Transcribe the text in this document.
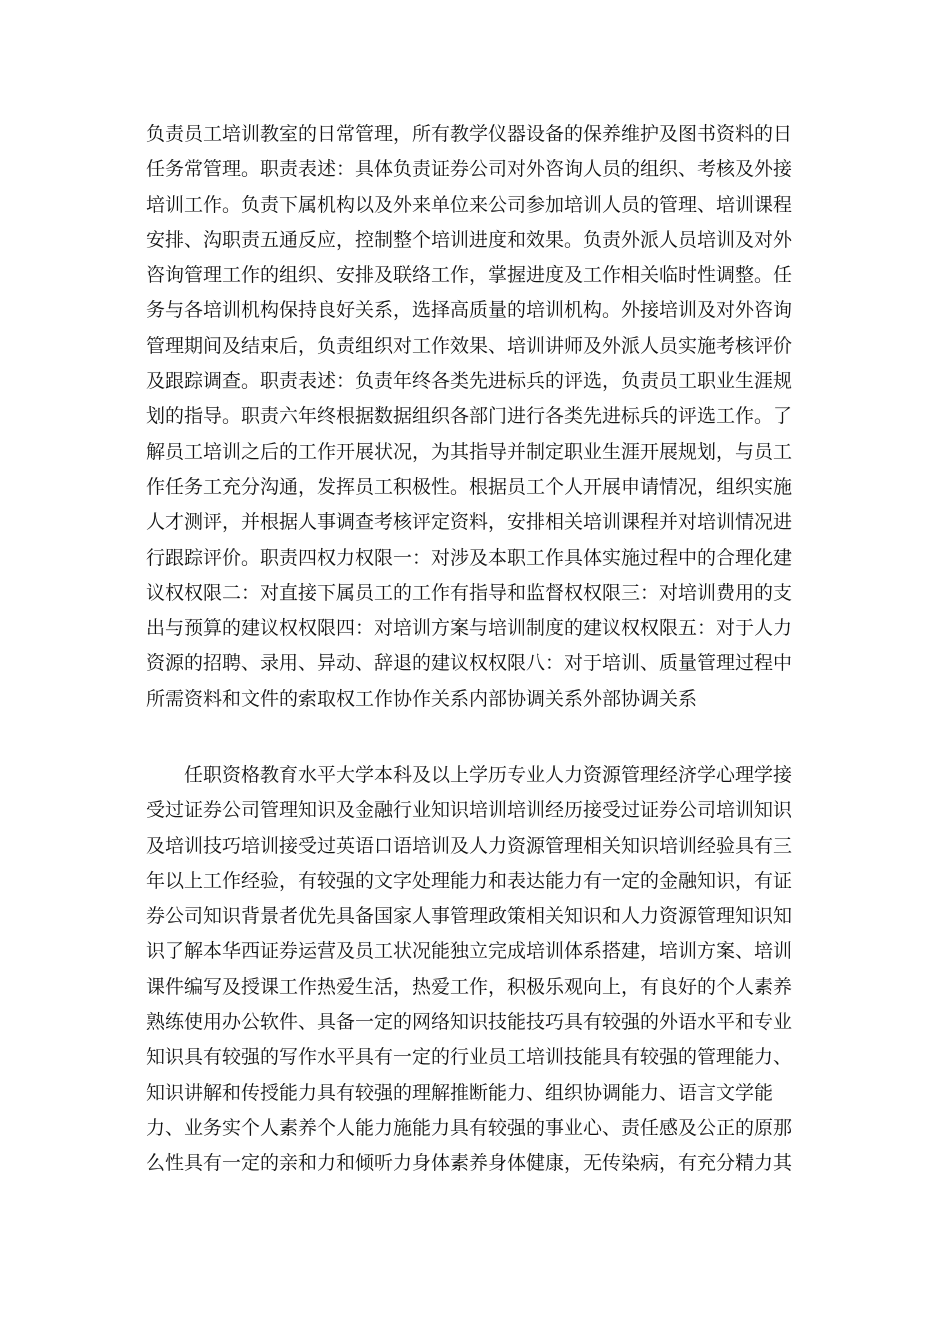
负责员工培训教室的日常管理，所有教学仪器设备的保养维护及图书资料的日
任务常管理。职责表述：具体负责证券公司对外咨询人员的组织、考核及外接
培训工作。负责下属机构以及外来单位来公司参加培训人员的管理、培训课程
安排、沟职责五通反应，控制整个培训进度和效果。负责外派人员培训及对外
咨询管理工作的组织、安排及联络工作，掌握进度及工作相关临时性调整。任
务与各培训机构保持良好关系，选择高质量的培训机构。外接培训及对外咨询
管理期间及结束后，负责组织对工作效果、培训讲师及外派人员实施考核评价
及跟踪调查。职责表述：负责年终各类先进标兵的评选，负责员工职业生涯规
划的指导。职责六年终根据数据组织各部门进行各类先进标兵的评选工作。了
解员工培训之后的工作开展状况，为其指导并制定职业生涯开展规划，与员工
作任务工充分沟通，发挥员工积极性。根据员工个人开展申请情况，组织实施
人才测评，并根据人事调查考核评定资料，安排相关培训课程并对培训情况进
行跟踪评价。职责四权力权限一：对涉及本职工作具体实施过程中的合理化建
议权权限二：对直接下属员工的工作有指导和监督权权限三：对培训费用的支
出与预算的建议权权限四：对培训方案与培训制度的建议权权限五：对于人力
资源的招聘、录用、异动、辞退的建议权权限八：对于培训、质量管理过程中
所需资料和文件的索取权工作协作关系内部协调关系外部协调关系
任职资格教育水平大学本科及以上学历专业人力资源管理经济学心理学接
受过证券公司管理知识及金融行业知识培训培训经历接受过证券公司培训知识
及培训技巧培训接受过英语口语培训及人力资源管理相关知识培训经验具有三
年以上工作经验，有较强的文字处理能力和表达能力有一定的金融知识，有证
券公司知识背景者优先具备国家人事管理政策相关知识和人力资源管理知识知
识了解本华西证券运营及员工状况能独立完成培训体系搭建，培训方案、培训
课件编写及授课工作热爱生活，热爱工作，积极乐观向上，有良好的个人素养
熟练使用办公软件、具备一定的网络知识技能技巧具有较强的外语水平和专业
知识具有较强的写作水平具有一定的行业员工培训技能具有较强的管理能力、
知识讲解和传授能力具有较强的理解推断能力、组织协调能力、语言文学能
力、业务实个人素养个人能力施能力具有较强的事业心、责任感及公正的原那
么性具有一定的亲和力和倾听力身体素养身体健康，无传染病，有充分精力其
